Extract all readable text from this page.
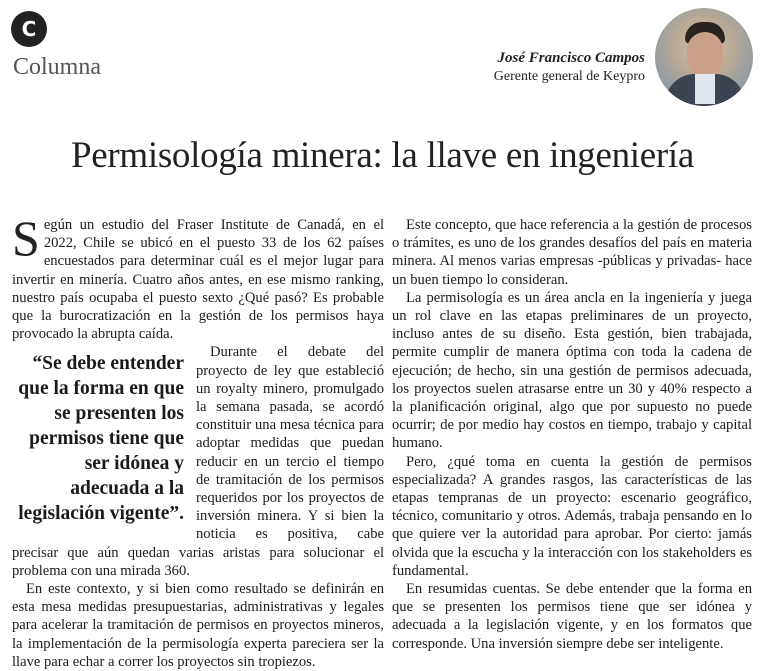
C
Columna	José Francisco Campos
Gerente general de Keypro
Permisología minera: la llave en ingeniería

Según un estudio del Fraser Institute de Canadá, en el 2022, Chile se ubicó en el puesto 33 de los 62 países encuestados para determinar cuál es el mejor lugar para invertir en minería. Cuatro años antes, en ese mismo ranking, nuestro país ocupaba el puesto sexto ¿Qué pasó? Es probable que la burocratización en la gestión de los permisos haya provocado la abrupta caída.

“Se debe entender que la forma en que se presenten los permisos tiene que ser idónea y adecuada a la legislación vigente”.

Durante el debate del proyecto de ley que estableció un royalty minero, promulgado la semana pasada, se acordó constituir una mesa técnica para adoptar medidas que puedan reducir en un tercio el tiempo de tramitación de los permisos requeridos por los proyectos de inversión minera. Y si bien la noticia es positiva, cabe precisar que aún quedan varias aristas para solucionar el problema con una mirada 360.

En este contexto, y si bien como resultado se definirán en esta mesa medidas presupuestarias, administrativas y legales para acelerar la tramitación de permisos en proyectos mineros, la implementación de la permisología experta pareciera ser la llave para echar a correr los proyectos sin tropiezos.

Este concepto, que hace referencia a la gestión de procesos o trámites, es uno de los grandes desafíos del país en materia minera. Al menos varias empresas -públicas y privadas- hace un buen tiempo lo consideran.

La permisología es un área ancla en la ingeniería y juega un rol clave en las etapas preliminares de un proyecto, incluso antes de su diseño. Esta gestión, bien trabajada, permite cumplir de manera óptima con toda la cadena de ejecución; de hecho, sin una gestión de permisos adecuada, los proyectos suelen atrasarse entre un 30 y 40% respecto a la planificación original, algo que por supuesto no puede ocurrir; de por medio hay costos en tiempo, trabajo y capital humano.

Pero, ¿qué toma en cuenta la gestión de permisos especializada? A grandes rasgos, las características de las etapas tempranas de un proyecto: escenario geográfico, técnico, comunitario y otros. Además, trabaja pensando en lo que quiere ver la autoridad para aprobar. Por cierto: jamás olvida que la escucha y la interacción con los stakeholders es fundamental.

En resumidas cuentas. Se debe entender que la forma en que se presenten los permisos tiene que ser idónea y adecuada a la legislación vigente, y en los formatos que corresponde. Una inversión siempre debe ser inteligente.
